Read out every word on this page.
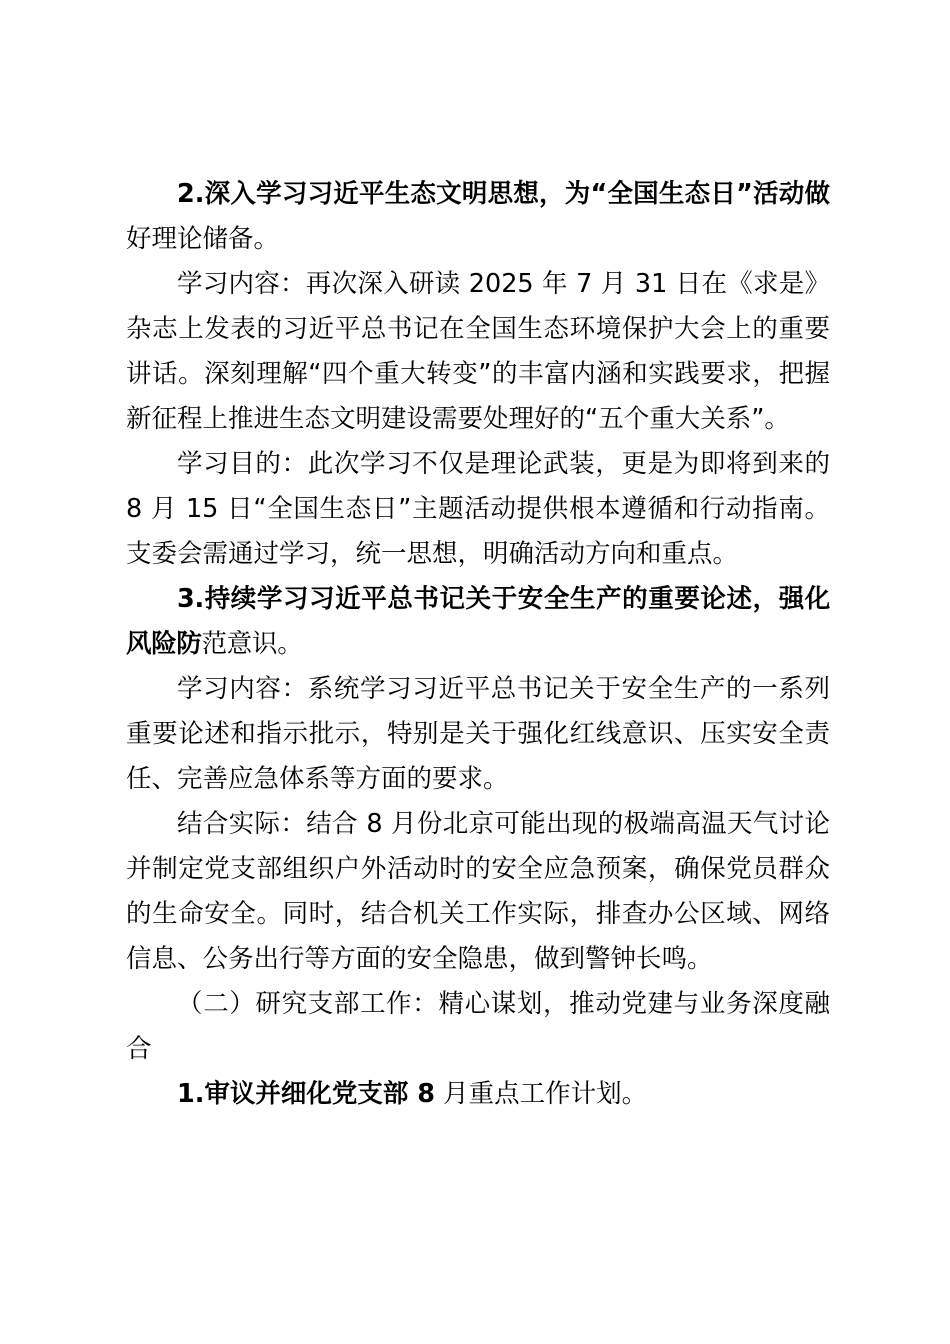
2.深入学习习近平生态文明思想，为“全国生态日”活动做好理论储备。

学习内容：再次深入研读 2025 年 7 月 31 日在《求是》杂志上发表的习近平总书记在全国生态环境保护大会上的重要讲话。深刻理解“四个重大转变”的丰富内涵和实践要求，把握新征程上推进生态文明建设需要处理好的“五个重大关系”。

学习目的：此次学习不仅是理论武装，更是为即将到来的 8 月 15 日“全国生态日”主题活动提供根本遵循和行动指南。支委会需通过学习，统一思想，明确活动方向和重点。

3.持续学习习近平总书记关于安全生产的重要论述，强化风险防范意识。

学习内容：系统学习习近平总书记关于安全生产的一系列重要论述和指示批示，特别是关于强化红线意识、压实安全责任、完善应急体系等方面的要求。

结合实际：结合 8 月份北京可能出现的极端高温天气讨论并制定党支部组织户外活动时的安全应急预案，确保党员群众的生命安全。同时，结合机关工作实际，排查办公区域、网络信息、公务出行等方面的安全隐患，做到警钟长鸣。

（二）研究支部工作：精心谋划，推动党建与业务深度融合

1.审议并细化党支部 8 月重点工作计划。
